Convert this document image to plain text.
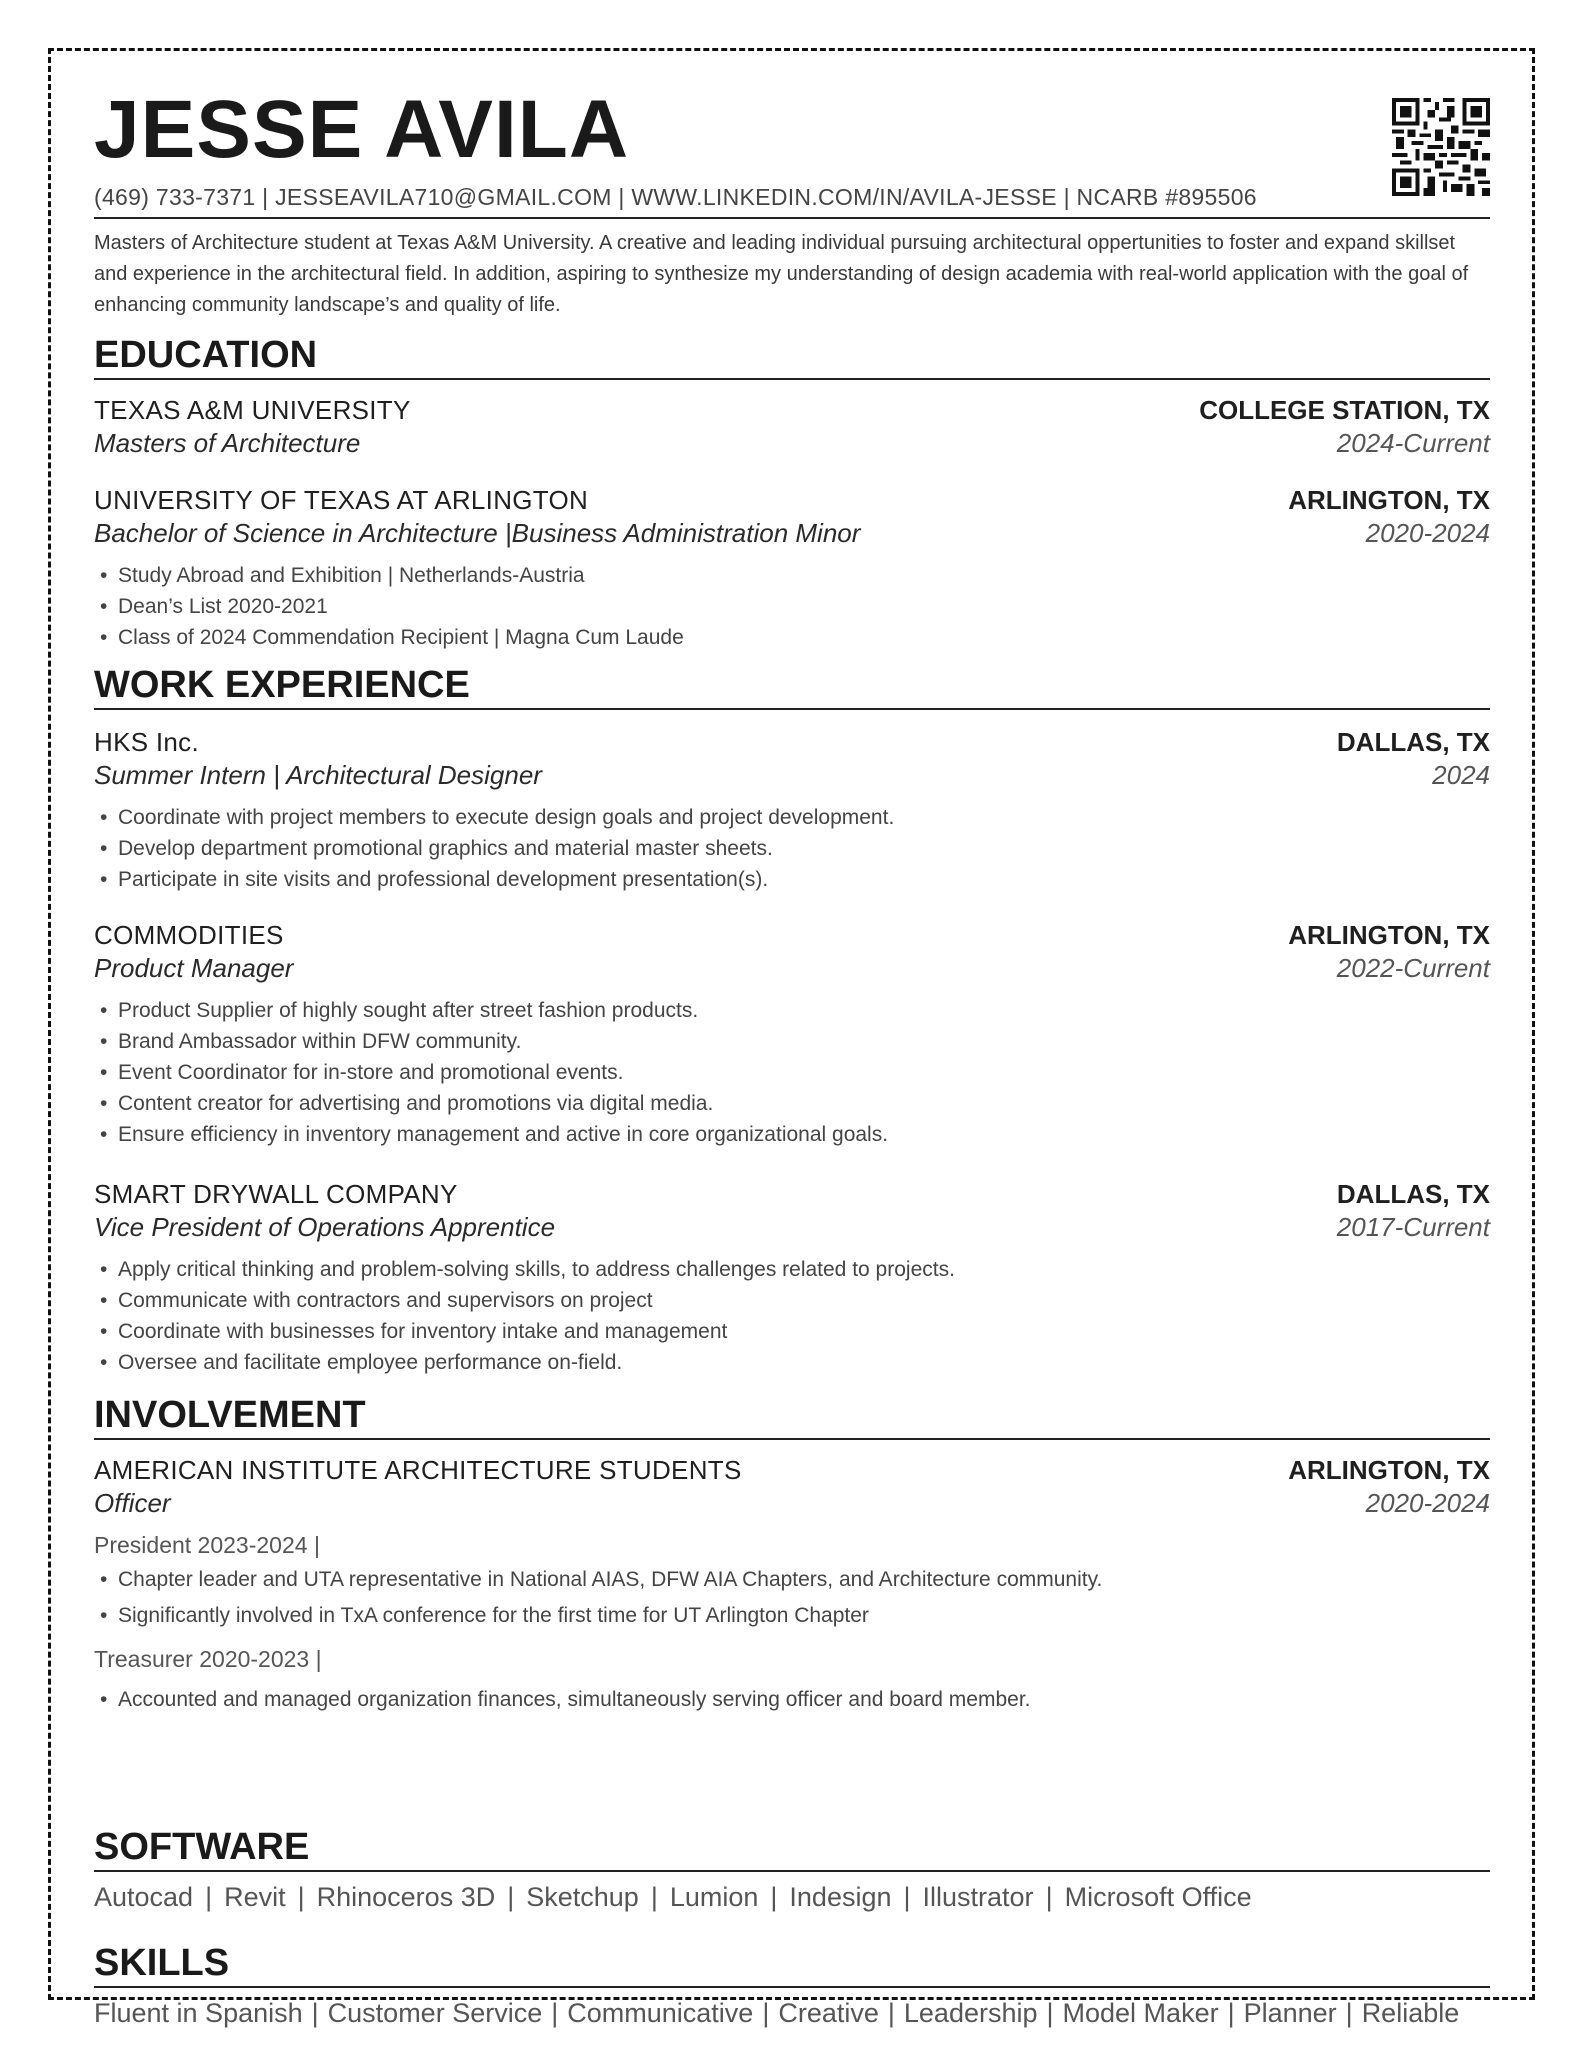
JESSE AVILA
(469) 733-7371 | JESSEAVILA710@GMAIL.COM | WWW.LINKEDIN.COM/IN/AVILA-JESSE | NCARB #895506
Masters of Architecture student at Texas A&M University. A creative and leading individual pursuing architectural oppertunities to foster and expand skillset and experience in the architectural field. In addition, aspiring to synthesize my understanding of design academia with real-world application with the goal of enhancing community landscape’s and quality of life.
EDUCATION
TEXAS A&M UNIVERSITY	COLLEGE STATION, TX
Masters of Architecture	2024-Current
UNIVERSITY OF TEXAS AT ARLINGTON	ARLINGTON, TX
Bachelor of Science in Architecture |Business Administration Minor	2020-2024
• Study Abroad and Exhibition | Netherlands-Austria
• Dean’s List 2020-2021
• Class of 2024 Commendation Recipient | Magna Cum Laude
WORK EXPERIENCE
HKS Inc.	DALLAS, TX
Summer Intern | Architectural Designer	2024
• Coordinate with project members to execute design goals and project development.
• Develop department promotional graphics and material master sheets.
• Participate in site visits and professional development presentation(s).
COMMODITIES	ARLINGTON, TX
Product Manager	2022-Current
• Product Supplier of highly sought after street fashion products.
• Brand Ambassador within DFW community.
• Event Coordinator for in-store and promotional events.
• Content creator for advertising and promotions via digital media.
• Ensure efficiency in inventory management and active in core organizational goals.
SMART DRYWALL COMPANY	DALLAS, TX
Vice President of Operations Apprentice	2017-Current
• Apply critical thinking and problem-solving skills, to address challenges related to projects.
• Communicate with contractors and supervisors on project
• Coordinate with businesses for inventory intake and management
• Oversee and facilitate employee performance on-field.
INVOLVEMENT
AMERICAN INSTITUTE ARCHITECTURE STUDENTS	ARLINGTON, TX
Officer	2020-2024
President 2023-2024 |
• Chapter leader and UTA representative in National AIAS, DFW AIA Chapters, and Architecture community.
• Significantly involved in TxA conference for the first time for UT Arlington Chapter
Treasurer 2020-2023 |
• Accounted and managed organization finances, simultaneously serving officer and board member.
SOFTWARE
Autocad | Revit | Rhinoceros 3D | Sketchup | Lumion | Indesign | Illustrator | Microsoft Office
SKILLS
Fluent in Spanish | Customer Service | Communicative | Creative | Leadership | Model Maker | Planner | Reliable
